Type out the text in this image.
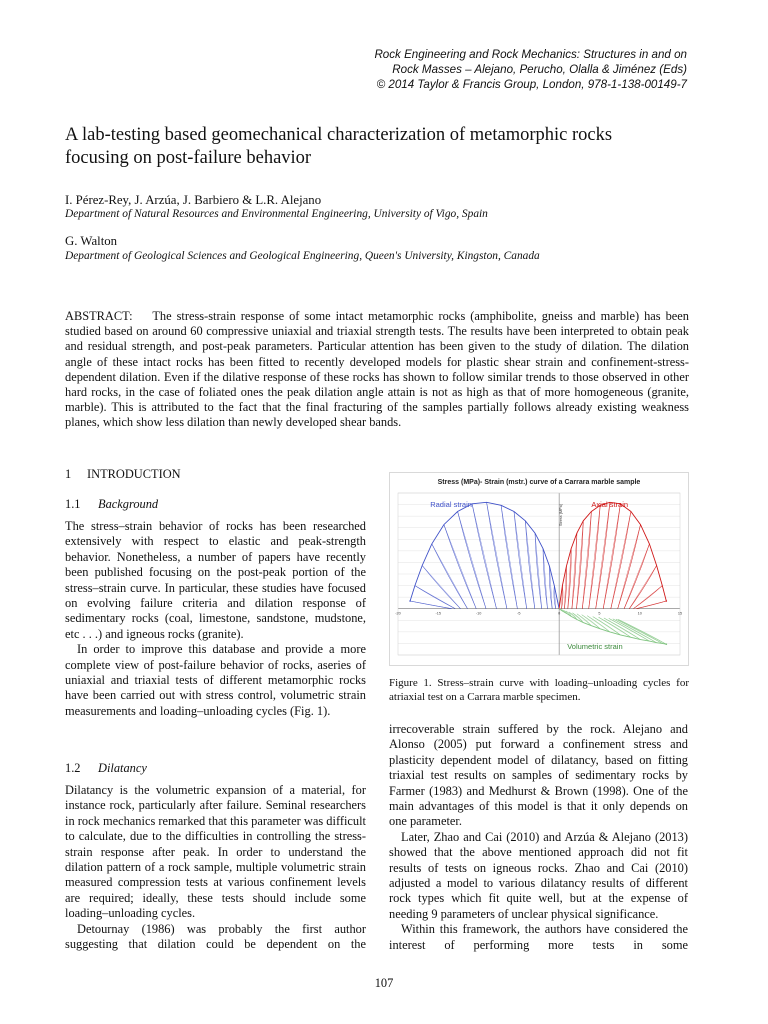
Rock Engineering and Rock Mechanics: Structures in and on
Rock Masses – Alejano, Perucho, Olalla & Jiménez (Eds)
© 2014 Taylor & Francis Group, London, 978-1-138-00149-7
A lab-testing based geomechanical characterization of metamorphic rocks focusing on post-failure behavior
I. Pérez-Rey, J. Arzúa, J. Barbiero & L.R. Alejano
Department of Natural Resources and Environmental Engineering, University of Vigo, Spain
G. Walton
Department of Geological Sciences and Geological Engineering, Queen's University, Kingston, Canada
ABSTRACT: The stress-strain response of some intact metamorphic rocks (amphibolite, gneiss and marble) has been studied based on around 60 compressive uniaxial and triaxial strength tests. The results have been interpreted to obtain peak and residual strength, and post-peak parameters. Particular attention has been given to the study of dilation. The dilation angle of these intact rocks has been fitted to recently developed models for plastic shear strain and confinement-stress-dependent dilation. Even if the dilative response of these rocks has shown to follow similar trends to those observed in other hard rocks, in the case of foliated ones the peak dilation angle attain is not as high as that of more homogeneous (granite, marble). This is attributed to the fact that the final fracturing of the samples partially follows already existing weakness planes, which show less dilation than newly developed shear bands.
1 INTRODUCTION
1.1 Background

The stress–strain behavior of rocks has been researched extensively with respect to elastic and peak-strength behavior. Nonetheless, a number of papers have recently been published focusing on the post-peak portion of the stress–strain curve. In particular, these studies have focused on evolving failure criteria and dilation response of sedimentary rocks (coal, limestone, sandstone, mudstone, etc . . .) and igneous rocks (granite).

In order to improve this database and provide a more complete view of post-failure behavior of rocks, aseries of uniaxial and triaxial tests of different metamorphic rocks have been carried out with stress control, volumetric strain measurements and loading–unloading cycles (Fig. 1).

1.2 Dilatancy

Dilatancy is the volumetric expansion of a material, for instance rock, particularly after failure. Seminal researchers in rock mechanics remarked that this parameter was difficult to calculate, due to the difficulties in controlling the stress-strain response after peak. In order to understand the dilation pattern of a rock sample, multiple volumetric strain measured compression tests at various confinement levels are required; ideally, these tests should include some loading–unloading cycles.

Detournay (1986) was probably the first author suggesting that dilation could be dependent on the

Stress (MPa)- Strain (mstr.) curve of a Carrara marble sample
-20	-15	-10	-5	0	5	10	15
Stress (MPa)
Radial strain	Axial strain
Volumetric strain
Figure 1. Stress–strain curve with loading–unloading cycles for atriaxial test on a Carrara marble specimen.

irrecoverable strain suffered by the rock. Alejano and Alonso (2005) put forward a confinement stress and plasticity dependent model of dilatancy, based on fitting triaxial test results on samples of sedimentary rocks by Farmer (1983) and Medhurst & Brown (1998). One of the main advantages of this model is that it only depends on one parameter.

Later, Zhao and Cai (2010) and Arzúa & Alejano (2013) showed that the above mentioned approach did not fit results of tests on igneous rocks. Zhao and Cai (2010) adjusted a model to various dilatancy results of different rock types which fit quite well, but at the expense of needing 9 parameters of unclear physical significance.

Within this framework, the authors have considered the interest of performing more tests in some

107
